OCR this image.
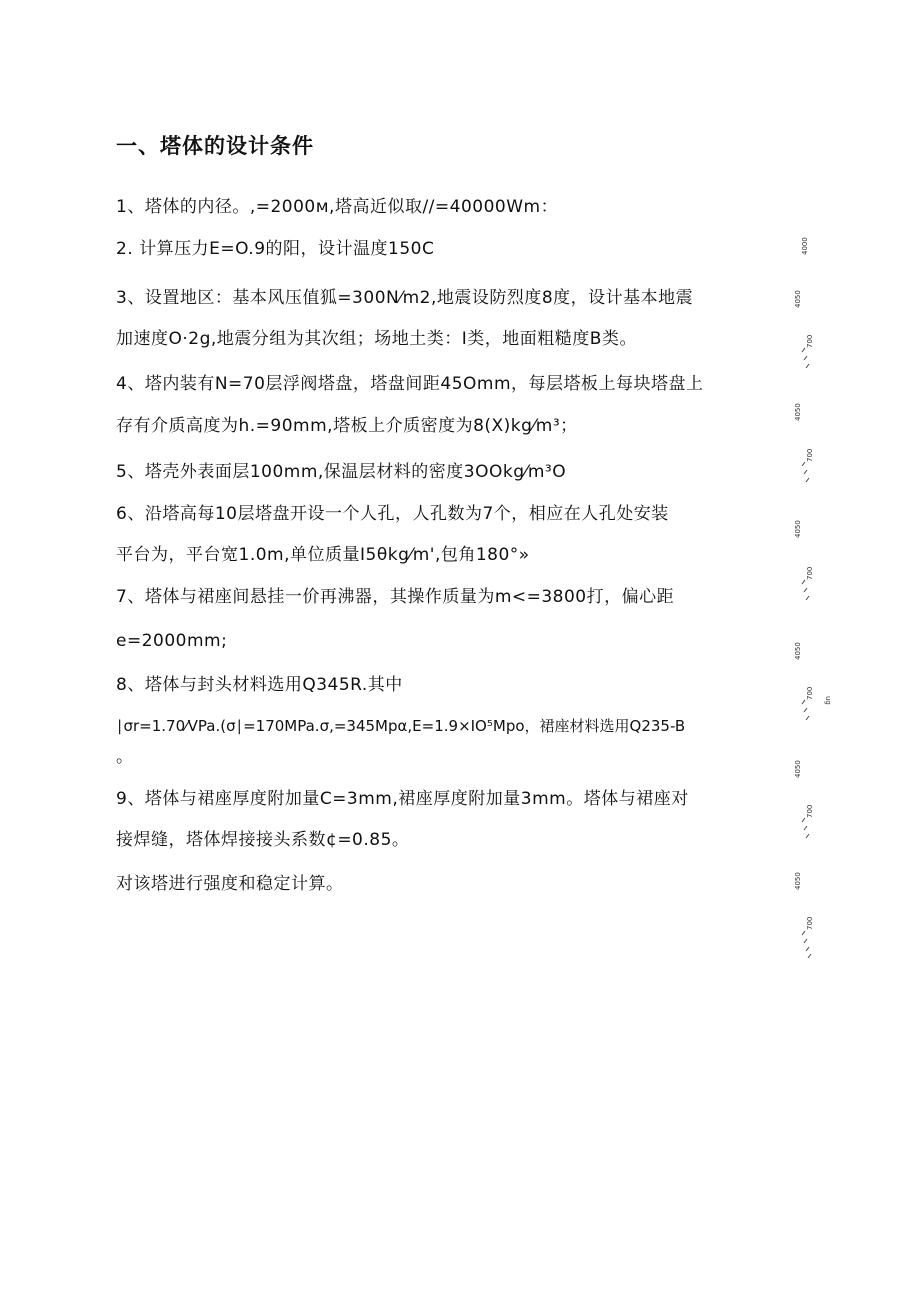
一、塔体的设计条件
1、塔体的内径。,=2000м,塔高近似取//=40000Wm：
2. 计算压力E=O.9的阳，设计温度150C
3、设置地区：基本风压值狐=300N⁄m2,地震设防烈度8度，设计基本地震
加速度O·2g,地震分组为其次组；场地土类：I类，地面粗糙度B类。
4、塔内装有N=70层浮阀塔盘，塔盘间距45Omm，每层塔板上每块塔盘上
存有介质高度为h.=90mm,塔板上介质密度为8(X)kg⁄m³；
5、塔壳外表面层100mm,保温层材料的密度3OOkg⁄m³O
6、沿塔高每10层塔盘开设一个人孔，人孔数为7个，相应在人孔处安装
平台为，平台宽1.0m,单位质量I5θkg⁄m',包角180°»
7、塔体与裙座间悬挂一价再沸器，其操作质量为m<=3800打，偏心距
e=2000mm;
8、塔体与封头材料选用Q345R.其中
∣σr=1.70⁄VPa.(σ∣=170MPa.σ,=345Mpα,E=1.9×IO⁵Mpo，裙座材料选用Q235-B
。
9、塔体与裙座厚度附加量C=3mm,裙座厚度附加量3mm。塔体与裙座对
接焊缝，塔体焊接接头系数¢=0.85。
对该塔进行强度和稳定计算。
4000
4050
700
4050
700
4050
700
4050
700
ug
4050
700
4050
700
